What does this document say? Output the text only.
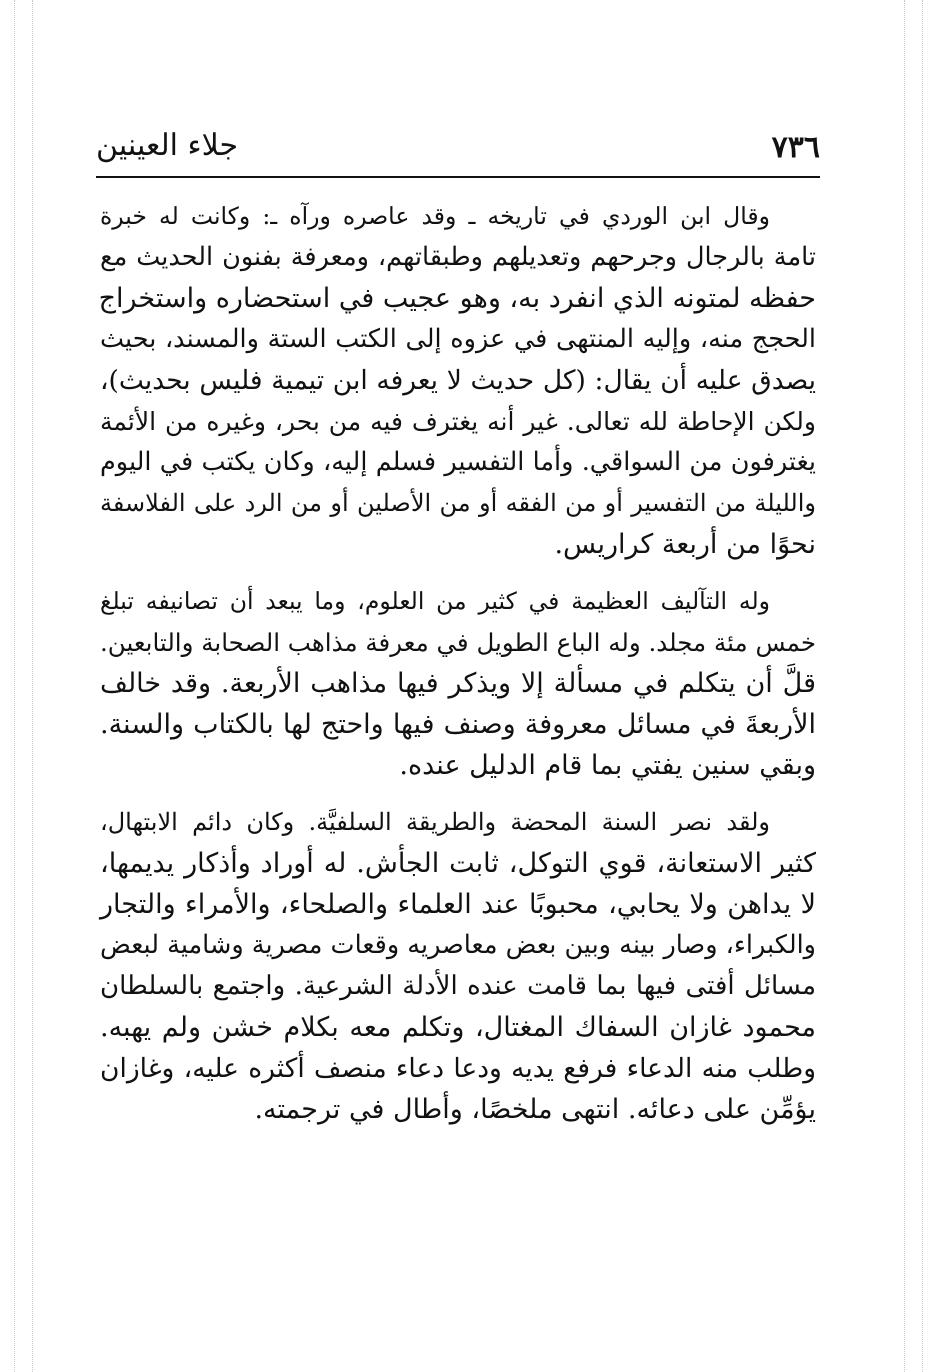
٧٣٦
جلاء العينين
وقال ابن الوردي في تاريخه ـ وقد عاصره ورآه ـ: وكانت له خبرة
تامة بالرجال وجرحهم وتعديلهم وطبقاتهم، ومعرفة بفنون الحديث مع
حفظه لمتونه الذي انفرد به، وهو عجيب في استحضاره واستخراج
الحجج منه، وإليه المنتهى في عزوه إلى الكتب الستة والمسند، بحيث
يصدق عليه أن يقال: (كل حديث لا يعرفه ابن تيمية فليس بحديث)،
ولكن الإحاطة لله تعالى. غير أنه يغترف فيه من بحر، وغيره من الأئمة
يغترفون من السواقي. وأما التفسير فسلم إليه، وكان يكتب في اليوم
والليلة من التفسير أو من الفقه أو من الأصلين أو من الرد على الفلاسفة
نحوًا من أربعة كراريس.
وله التآليف العظيمة في كثير من العلوم، وما يبعد أن تصانيفه تبلغ
خمس مئة مجلد. وله الباع الطويل في معرفة مذاهب الصحابة والتابعين.
قلَّ أن يتكلم في مسألة إلا ويذكر فيها مذاهب الأربعة. وقد خالف
الأربعةَ في مسائل معروفة وصنف فيها واحتج لها بالكتاب والسنة.
وبقي سنين يفتي بما قام الدليل عنده.
ولقد نصر السنة المحضة والطريقة السلفيَّة. وكان دائم الابتهال،
كثير الاستعانة، قوي التوكل، ثابت الجأش. له أوراد وأذكار يديمها،
لا يداهن ولا يحابي، محبوبًا عند العلماء والصلحاء، والأمراء والتجار
والكبراء، وصار بينه وبين بعض معاصريه وقعات مصرية وشامية لبعض
مسائل أفتى فيها بما قامت عنده الأدلة الشرعية. واجتمع بالسلطان
محمود غازان السفاك المغتال، وتكلم معه بكلام خشن ولم يهبه.
وطلب منه الدعاء فرفع يديه ودعا دعاء منصف أكثره عليه، وغازان
يؤمِّن على دعائه. انتهى ملخصًا، وأطال في ترجمته.
